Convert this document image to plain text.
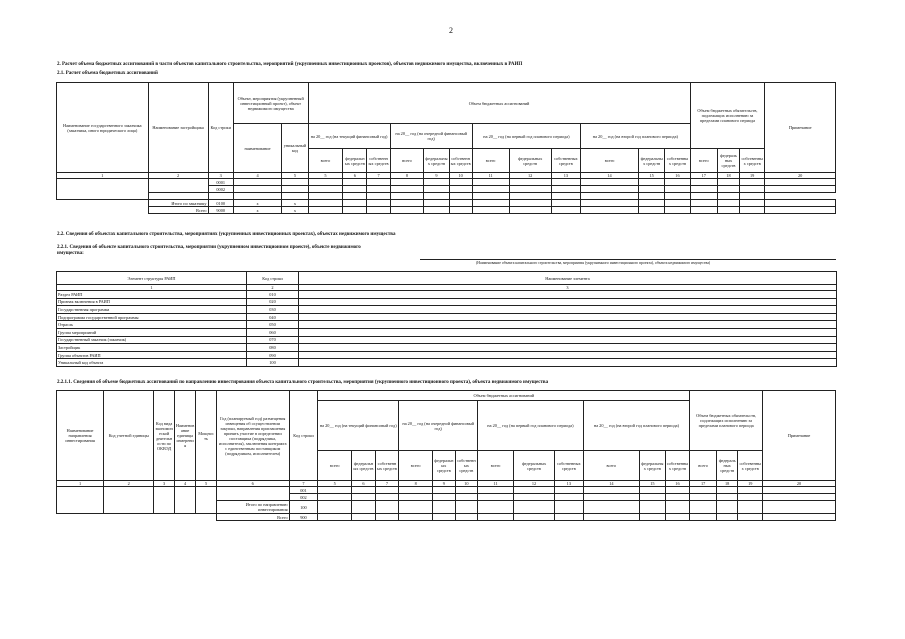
2
2. Расчет объема бюджетных ассигнований в части объектов капитального строительства, мероприятий (укрупненных инвестиционных проектов), объектов недвижимого имущества, включенных в РАИП
2.1. Расчет объема бюджетных ассигнований
Наименование государственного заказчика (заказчика, иного юридического лица)	Наименование застройщика	Код строки	Объект, мероприятия (укрупненный инвестиционный проект), объект недвижимого имущества		Объем бюджетных ассигнований												Объем бюджетных обязательств, подлежащих исполнению за пределами планового периода			Примечание
			наименование	уникальный код	на 20__ год (на текущий финансовый год)			на 20__ год (на очередной финансовый год)			на 20__ год (на первый год планового периода)			на 20__ год (на второй год планового периода)						
					всего	федеральных средств	собственных средств	всего	федеральных средств	собственных средств	всего	федеральных средств	собственных средств	всего	федеральных средств	собственных средств	всего	федеральных средств	собственных средств	
1	2	3	4	5	5	6	7	8	9	10	11	12	13	14	15	16	17	18	19	20
		0001																		
		0002																		

	Итого по заказчику	0100	x	x																
	Всего	9000	x	x																
2.2. Сведения об объектах капитального строительства, мероприятиях (укрупненных инвестиционных проектах), объектах недвижимого имущества
2.2.1. Сведения об объекте капитального строительства, мероприятии (укрупненном инвестиционном проекте), объекте недвижимого
имущества:
(Наименование объекта капитального строительства, мероприятия (укрупненного инвестиционного проекта), объекта недвижимого имущества)
Элемент структуры РАИП	Код строки	Наименование элемента
1	2	3
Раздел РАИП	010	
Признак включения в РАИП	020	
Государственная программа	030	
Подпрограмма государственной программы	040	
Отрасль	050	
Группа мероприятий	060	
Государственный заказчик (заказчик)	070	
Застройщик	080	
Группа объектов РАИП	090	
Уникальный код объекта	100	
2.2.1.1. Сведения об объеме бюджетных ассигнований по направлению инвестирования объекта капитального строительства, мероприятия (укрупненного инвестиционного проекта), объекта недвижимого имущества
Наименование направления инвестирования	Код учетной единицы	Код вида экономической деятельности по ОКВЭД	Наименование единицы измерения	Мощность	Год (планируемый год) размещения извещения об осуществлении закупки, направления приглашения принять участие в определении поставщика (подрядчика, исполнителя), заключения контракта с единственным поставщиком (подрядчиком, исполнителем)	Код строки	Объем бюджетных ассигнований												Объем бюджетных обязательств, подлежащих исполнению за пределами планового периода			Примечание
							на 20__ год (на текущий финансовый год)			на 20__ год (на очередной финансовый год)			на 20__ год (на первый год планового периода)			на 20__ год (на второй год планового периода)						

							всего	федеральных средств	собственных средств	всего	федеральных средств	собственных средств	всего	федеральных средств	собственных средств	всего	федеральных средств	собственных средств	всего	федеральных средств	собственных средств	
1	2	3	4	5	6	7	5	6	7	8	9	10	11	12	13	14	15	16	17	18	19	20
						001																
						002																
					Итого по направлению инвестирования	100																
					Всего	900																
